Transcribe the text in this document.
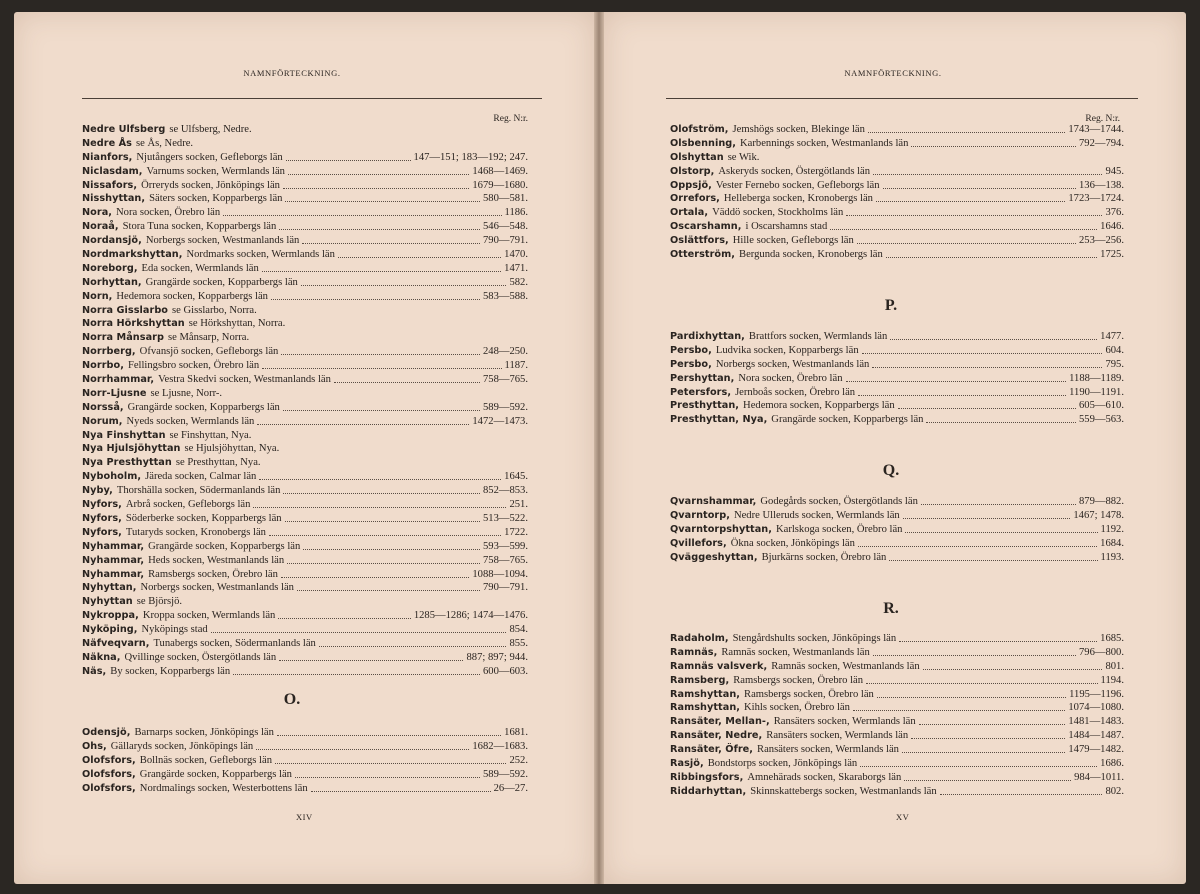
NAMNFÖRTECKNING.
Reg. N:r.
Nedre Ulfsberg se Ulfsberg, Nedre.
Nedre Ås se Ås, Nedre.
Nianfors, Njutångers socken, Gefleborgs län	147—151; 183—192; 247.
Niclasdam, Varnums socken, Wermlands län	1468—1469.
Nissafors, Örreryds socken, Jönköpings län	1679—1680.
Nisshyttan, Säters socken, Kopparbergs län	580—581.
Nora, Nora socken, Örebro län	1186.
Noraå, Stora Tuna socken, Kopparbergs län	546—548.
Nordansjö, Norbergs socken, Westmanlands län	790—791.
Nordmarkshyttan, Nordmarks socken, Wermlands län	1470.
Noreborg, Eda socken, Wermlands län	1471.
Norhyttan, Grangärde socken, Kopparbergs län	582.
Norn, Hedemora socken, Kopparbergs län	583—588.
Norra Gisslarbo se Gisslarbo, Norra.
Norra Hörkshyttan se Hörkshyttan, Norra.
Norra Månsarp se Månsarp, Norra.
Norrberg, Ofvansjö socken, Gefleborgs län	248—250.
Norrbo, Fellingsbro socken, Örebro län	1187.
Norrhammar, Vestra Skedvi socken, Westmanlands län	758—765.
Norr-Ljusne se Ljusne, Norr-.
Norsså, Grangärde socken, Kopparbergs län	589—592.
Norum, Nyeds socken, Wermlands län	1472—1473.
Nya Finshyttan se Finshyttan, Nya.
Nya Hjulsjöhyttan se Hjulsjöhyttan, Nya.
Nya Presthyttan se Presthyttan, Nya.
Nyboholm, Järeda socken, Calmar län	1645.
Nyby, Thorshälla socken, Södermanlands län	852—853.
Nyfors, Arbrå socken, Gefleborgs län	251.
Nyfors, Söderberke socken, Kopparbergs län	513—522.
Nyfors, Tutaryds socken, Kronobergs län	1722.
Nyhammar, Grangärde socken, Kopparbergs län	593—599.
Nyhammar, Heds socken, Westmanlands län	758—765.
Nyhammar, Ramsbergs socken, Örebro län	1088—1094.
Nyhyttan, Norbergs socken, Westmanlands län	790—791.
Nyhyttan se Björsjö.
Nykroppa, Kroppa socken, Wermlands län	1285—1286; 1474—1476.
Nyköping, Nyköpings stad	854.
Näfveqvarn, Tunabergs socken, Södermanlands län	855.
Näkna, Qvillinge socken, Östergötlands län	887; 897; 944.
Näs, By socken, Kopparbergs län	600—603.
O.
Odensjö, Barnarps socken, Jönköpings län	1681.
Ohs, Gällaryds socken, Jönköpings län	1682—1683.
Olofsfors, Bollnäs socken, Gefleborgs län	252.
Olofsfors, Grangärde socken, Kopparbergs län	589—592.
Olofsfors, Nordmalings socken, Westerbottens län	26—27.
XIV
NAMNFÖRTECKNING.
Reg. N:r.
Olofström, Jemshögs socken, Blekinge län	1743—1744.
Olsbenning, Karbennings socken, Westmanlands län	792—794.
Olshyttan se Wik.
Olstorp, Askeryds socken, Östergötlands län	945.
Oppsjö, Vester Fernebo socken, Gefleborgs län	136—138.
Orrefors, Helleberga socken, Kronobergs län	1723—1724.
Ortala, Väddö socken, Stockholms län	376.
Oscarshamn, i Oscarshamns stad	1646.
Oslättfors, Hille socken, Gefleborgs län	253—256.
Otterström, Bergunda socken, Kronobergs län	1725.
P.
Pardixhyttan, Brattfors socken, Wermlands län	1477.
Persbo, Ludvika socken, Kopparbergs län	604.
Persbo, Norbergs socken, Westmanlands län	795.
Pershyttan, Nora socken, Örebro län	1188—1189.
Petersfors, Jernboås socken, Örebro län	1190—1191.
Presthyttan, Hedemora socken, Kopparbergs län	605—610.
Presthyttan, Nya, Grangärde socken, Kopparbergs län	559—563.
Q.
Qvarnshammar, Godegårds socken, Östergötlands län	879—882.
Qvarntorp, Nedre Ulleruds socken, Wermlands län	1467; 1478.
Qvarntorpshyttan, Karlskoga socken, Örebro län	1192.
Qvillefors, Ökna socken, Jönköpings län	1684.
Qväggeshyttan, Bjurkärns socken, Örebro län	1193.
R.
Radaholm, Stengårdshults socken, Jönköpings län	1685.
Ramnäs, Ramnäs socken, Westmanlands län	796—800.
Ramnäs valsverk, Ramnäs socken, Westmanlands län	801.
Ramsberg, Ramsbergs socken, Örebro län	1194.
Ramshyttan, Ramsbergs socken, Örebro län	1195—1196.
Ramshyttan, Kihls socken, Örebro län	1074—1080.
Ransäter, Mellan-, Ransäters socken, Wermlands län	1481—1483.
Ransäter, Nedre, Ransäters socken, Wermlands län	1484—1487.
Ransäter, Öfre, Ransäters socken, Wermlands län	1479—1482.
Rasjö, Bondstorps socken, Jönköpings län	1686.
Ribbingsfors, Amnehärads socken, Skaraborgs län	984—1011.
Riddarhyttan, Skinnskattebergs socken, Westmanlands län	802.
XV
